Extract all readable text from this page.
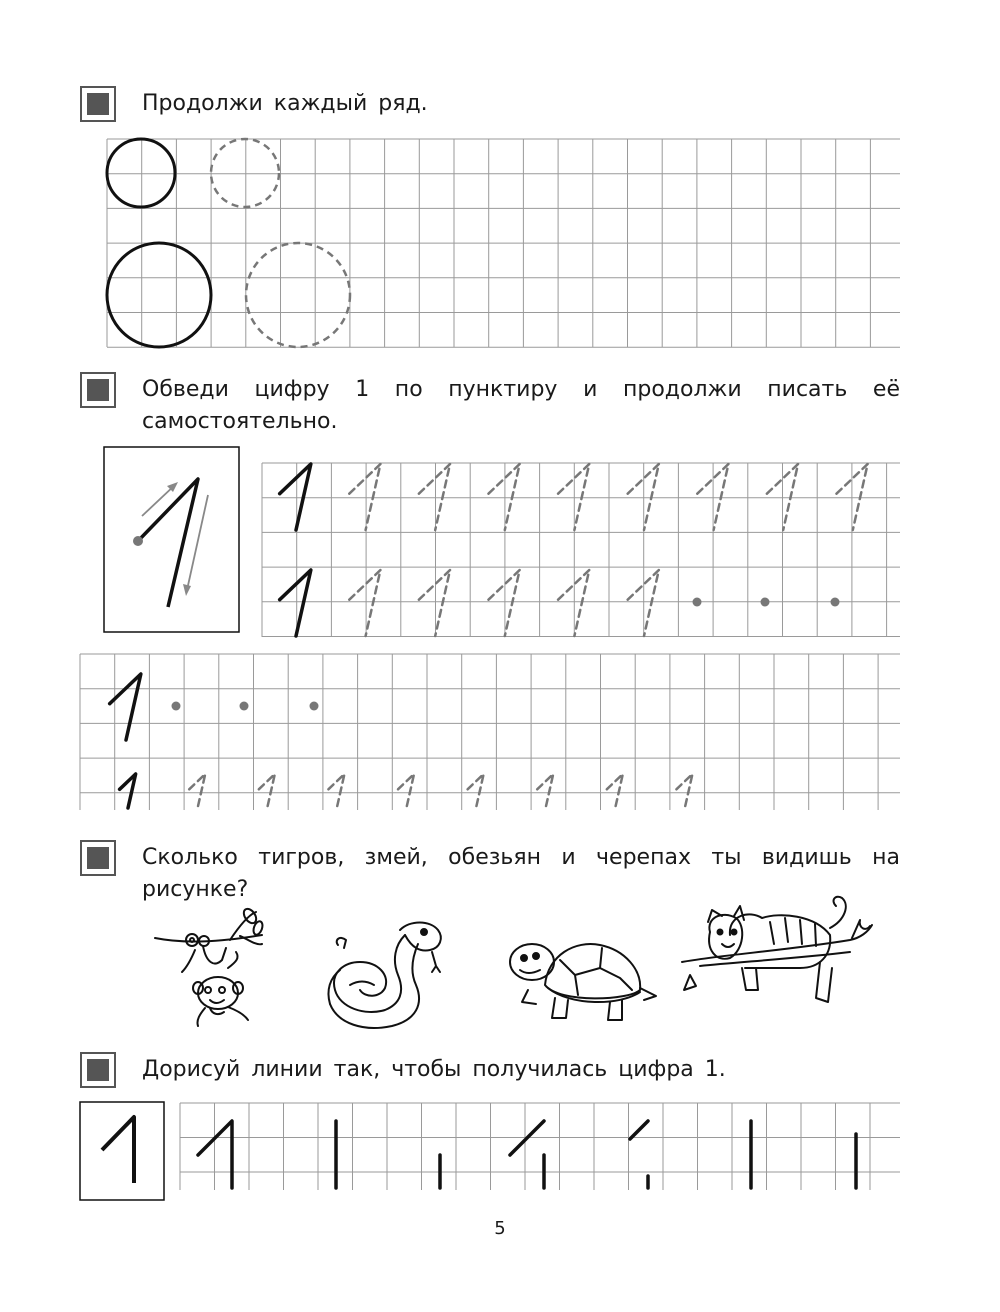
Продолжи каждый ряд.
Обведи цифру 1 по пунктиру и продолжи писать её самостоятельно.
Сколько тигров, змей, обезьян и черепах ты видишь на рисунке?
Дорисуй линии так, чтобы получилась цифра 1.
5
